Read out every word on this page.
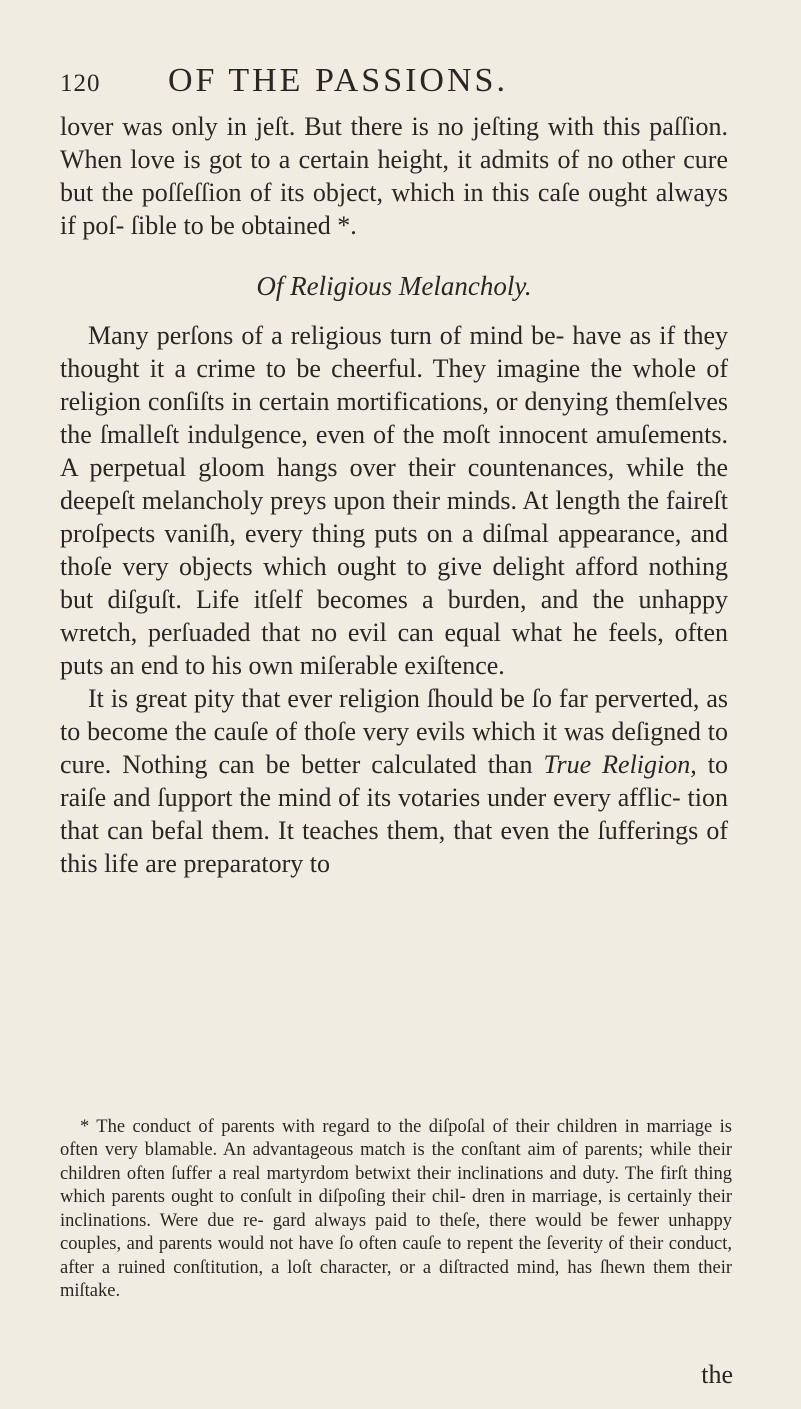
120 OF THE PASSIONS.

lover was only in jeſt. But there is no jeſting with this paſſion. When love is got to a certain height, it admits of no other cure but the poſſeſſion of its object, which in this caſe ought always if poſ- ſible to be obtained *.

Of Religious Melancholy.

Many perſons of a religious turn of mind be- have as if they thought it a crime to be cheerful. They imagine the whole of religion conſiſts in certain mortifications, or denying themſelves the ſmalleſt indulgence, even of the moſt innocent amuſements. A perpetual gloom hangs over their countenances, while the deepeſt melancholy preys upon their minds. At length the faireſt proſpects vaniſh, every thing puts on a diſmal appearance, and thoſe very objects which ought to give delight afford nothing but diſguſt. Life itſelf becomes a burden, and the unhappy wretch, perſuaded that no evil can equal what he feels, often puts an end to his own miſerable exiſtence.

It is great pity that ever religion ſhould be ſo far perverted, as to become the cauſe of thoſe very evils which it was deſigned to cure. Nothing can be better calculated than True Religion, to raiſe and ſupport the mind of its votaries under every afflic- tion that can befal them. It teaches them, that even the ſufferings of this life are preparatory to

* The conduct of parents with regard to the diſpoſal of their children in marriage is often very blamable. An advantageous match is the conſtant aim of parents; while their children often ſuffer a real martyrdom betwixt their inclinations and duty. The firſt thing which parents ought to conſult in diſpoſing their chil- dren in marriage, is certainly their inclinations. Were due re- gard always paid to theſe, there would be fewer unhappy couples, and parents would not have ſo often cauſe to repent the ſeverity of their conduct, after a ruined conſtitution, a loſt character, or a diſtracted mind, has ſhewn them their miſtake.

the
